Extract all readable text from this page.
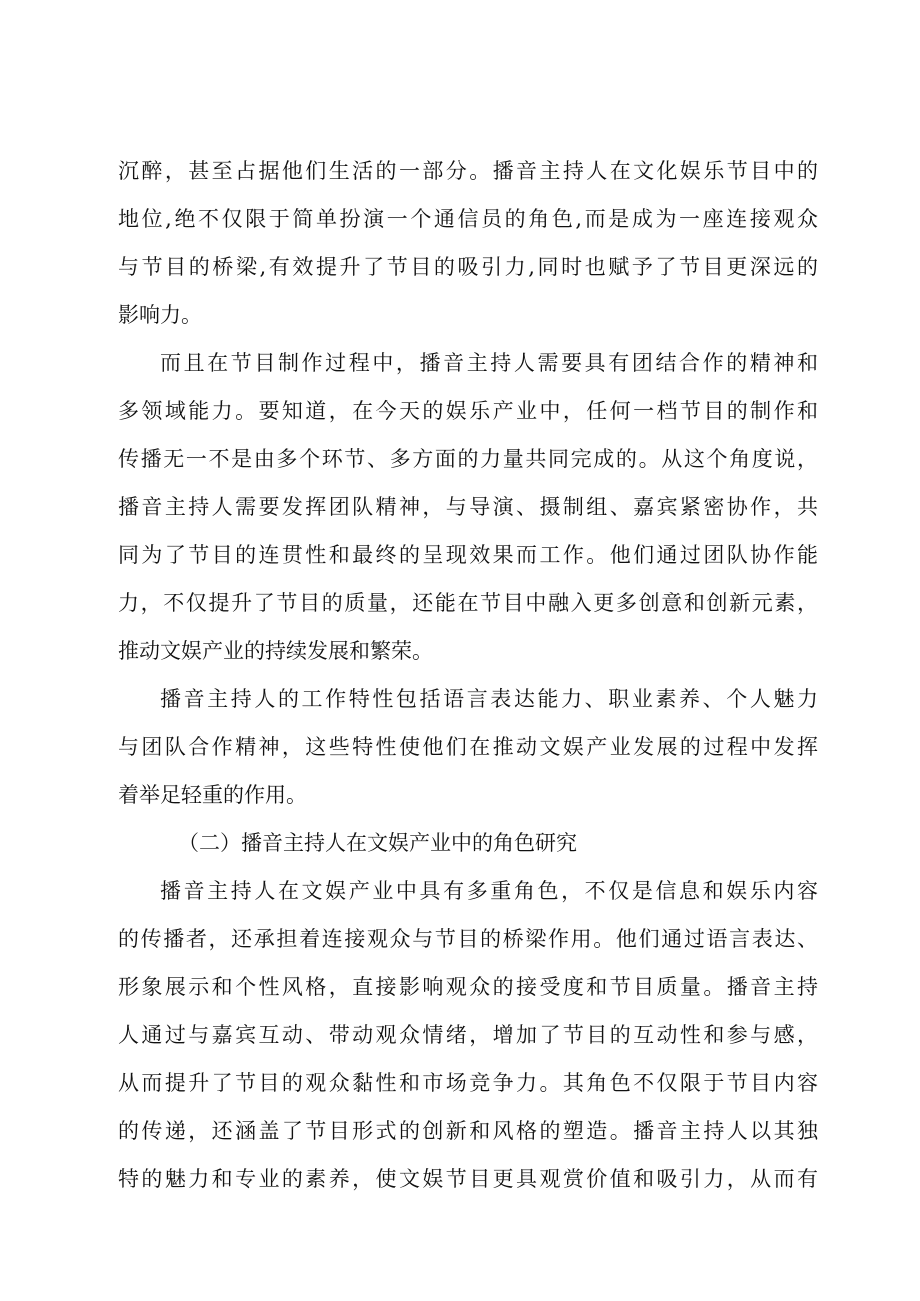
沉醉，甚至占据他们生活的一部分。播音主持人在文化娱乐节目中的
地位,绝不仅限于简单扮演一个通信员的角色,而是成为一座连接观众
与节目的桥梁,有效提升了节目的吸引力,同时也赋予了节目更深远的
影响力。
而且在节目制作过程中，播音主持人需要具有团结合作的精神和
多领域能力。要知道，在今天的娱乐产业中，任何一档节目的制作和
传播无一不是由多个环节、多方面的力量共同完成的。从这个角度说，
播音主持人需要发挥团队精神，与导演、摄制组、嘉宾紧密协作，共
同为了节目的连贯性和最终的呈现效果而工作。他们通过团队协作能
力，不仅提升了节目的质量，还能在节目中融入更多创意和创新元素，
推动文娱产业的持续发展和繁荣。
播音主持人的工作特性包括语言表达能力、职业素养、个人魅力
与团队合作精神，这些特性使他们在推动文娱产业发展的过程中发挥
着举足轻重的作用。
（二）播音主持人在文娱产业中的角色研究
播音主持人在文娱产业中具有多重角色，不仅是信息和娱乐内容
的传播者，还承担着连接观众与节目的桥梁作用。他们通过语言表达、
形象展示和个性风格，直接影响观众的接受度和节目质量。播音主持
人通过与嘉宾互动、带动观众情绪，增加了节目的互动性和参与感，
从而提升了节目的观众黏性和市场竞争力。其角色不仅限于节目内容
的传递，还涵盖了节目形式的创新和风格的塑造。播音主持人以其独
特的魅力和专业的素养，使文娱节目更具观赏价值和吸引力，从而有
